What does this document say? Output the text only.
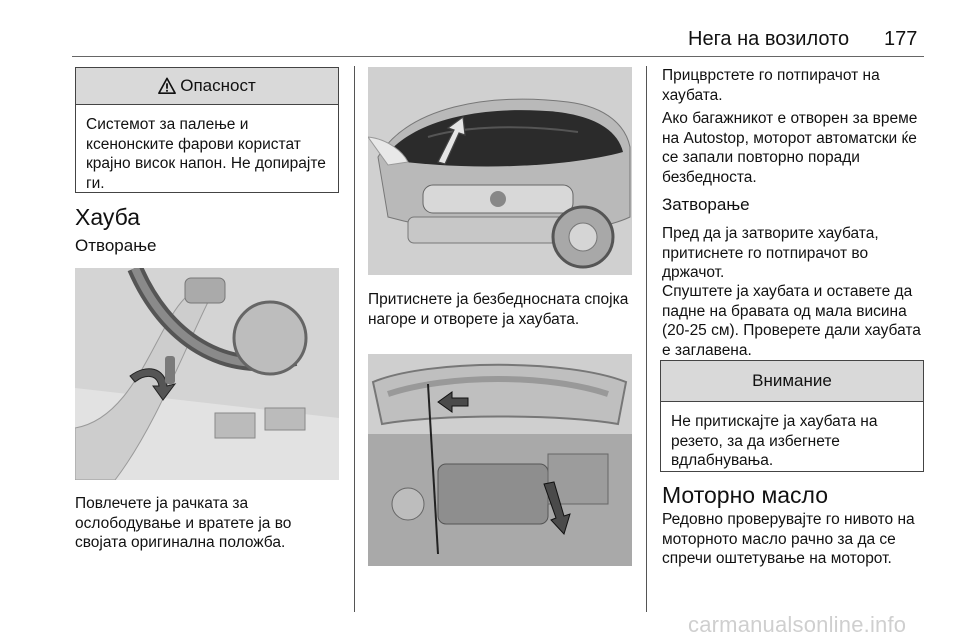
Нега на возилото 177
Опасност
Системот за палење и ксенонските фарови користат крајно висок напон. Не допирајте ги.
Хауба
Отворање
Повлечете ја рачката за ослободување и вратете ја во својата оригинална положба.
Притиснете ја безбедносната спојка нагоре и отворете ја хаубата.
Прицврстете го потпирачот на хаубата.
Ако багажникот е отворен за време на Autostop, моторот автоматски ќе се запали повторно поради безбедноста.
Затворање
Пред да ја затворите хаубата, притиснете го потпирачот во држачот.
Спуштете ја хаубата и оставете да падне на бравата од мала висина (20-25 см). Проверете дали хаубата е заглавена.
Внимание
Не притискајте ја хаубата на резето, за да избегнете вдлабнувања.
Моторно масло
Редовно проверувајте го нивото на моторното масло рачно за да се спречи оштетување на моторот.
carmanualsonline.info
